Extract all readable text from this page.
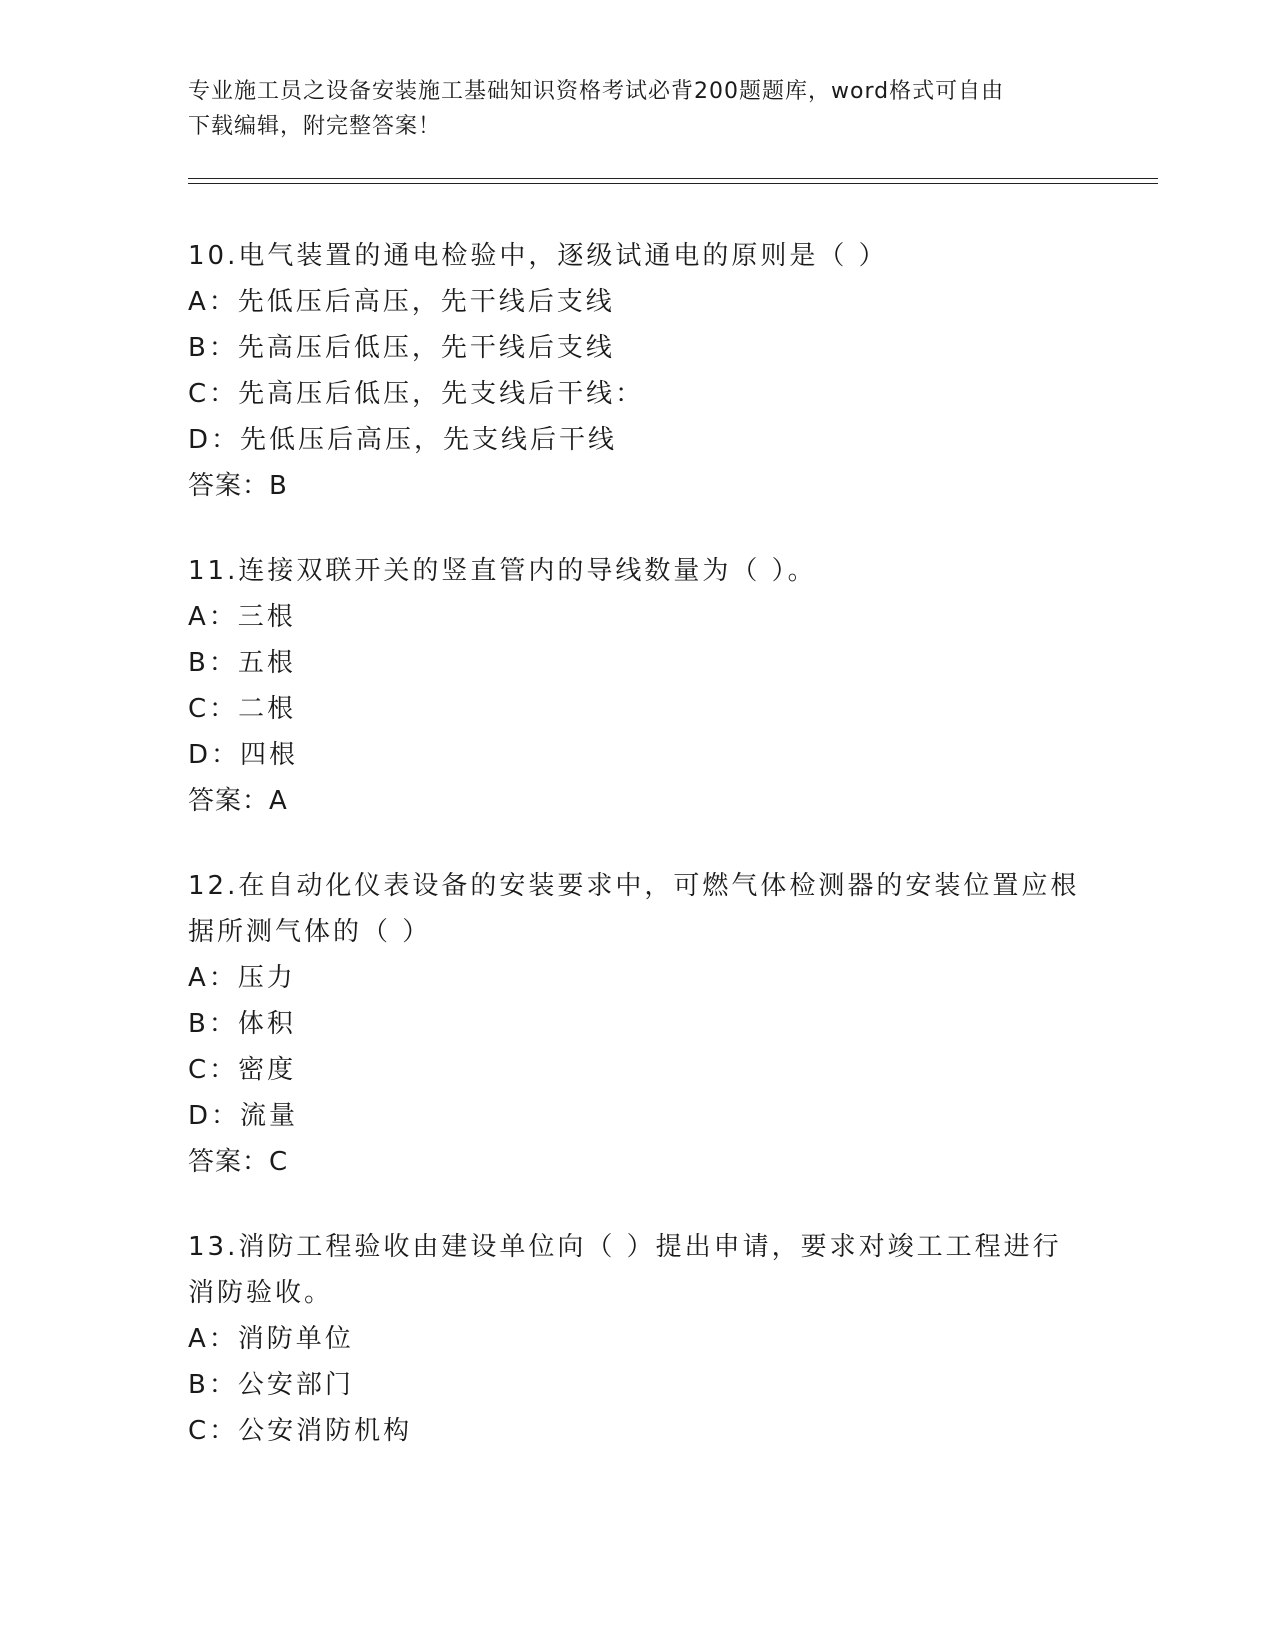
专业施工员之设备安装施工基础知识资格考试必背200题题库，word格式可自由
下载编辑，附完整答案！
10.电气装置的通电检验中，逐级试通电的原则是（ ）
A：先低压后高压，先干线后支线
B：先高压后低压，先干线后支线
C：先高压后低压，先支线后干线：
D：先低压后高压，先支线后干线
答案：B
11.连接双联开关的竖直管内的导线数量为（ ）。
A：三根
B：五根
C：二根
D：四根
答案：A
12.在自动化仪表设备的安装要求中，可燃气体检测器的安装位置应根
据所测气体的（ ）
A：压力
B：体积
C：密度
D：流量
答案：C
13.消防工程验收由建设单位向（ ）提出申请，要求对竣工工程进行
消防验收。
A：消防单位
B：公安部门
C：公安消防机构
